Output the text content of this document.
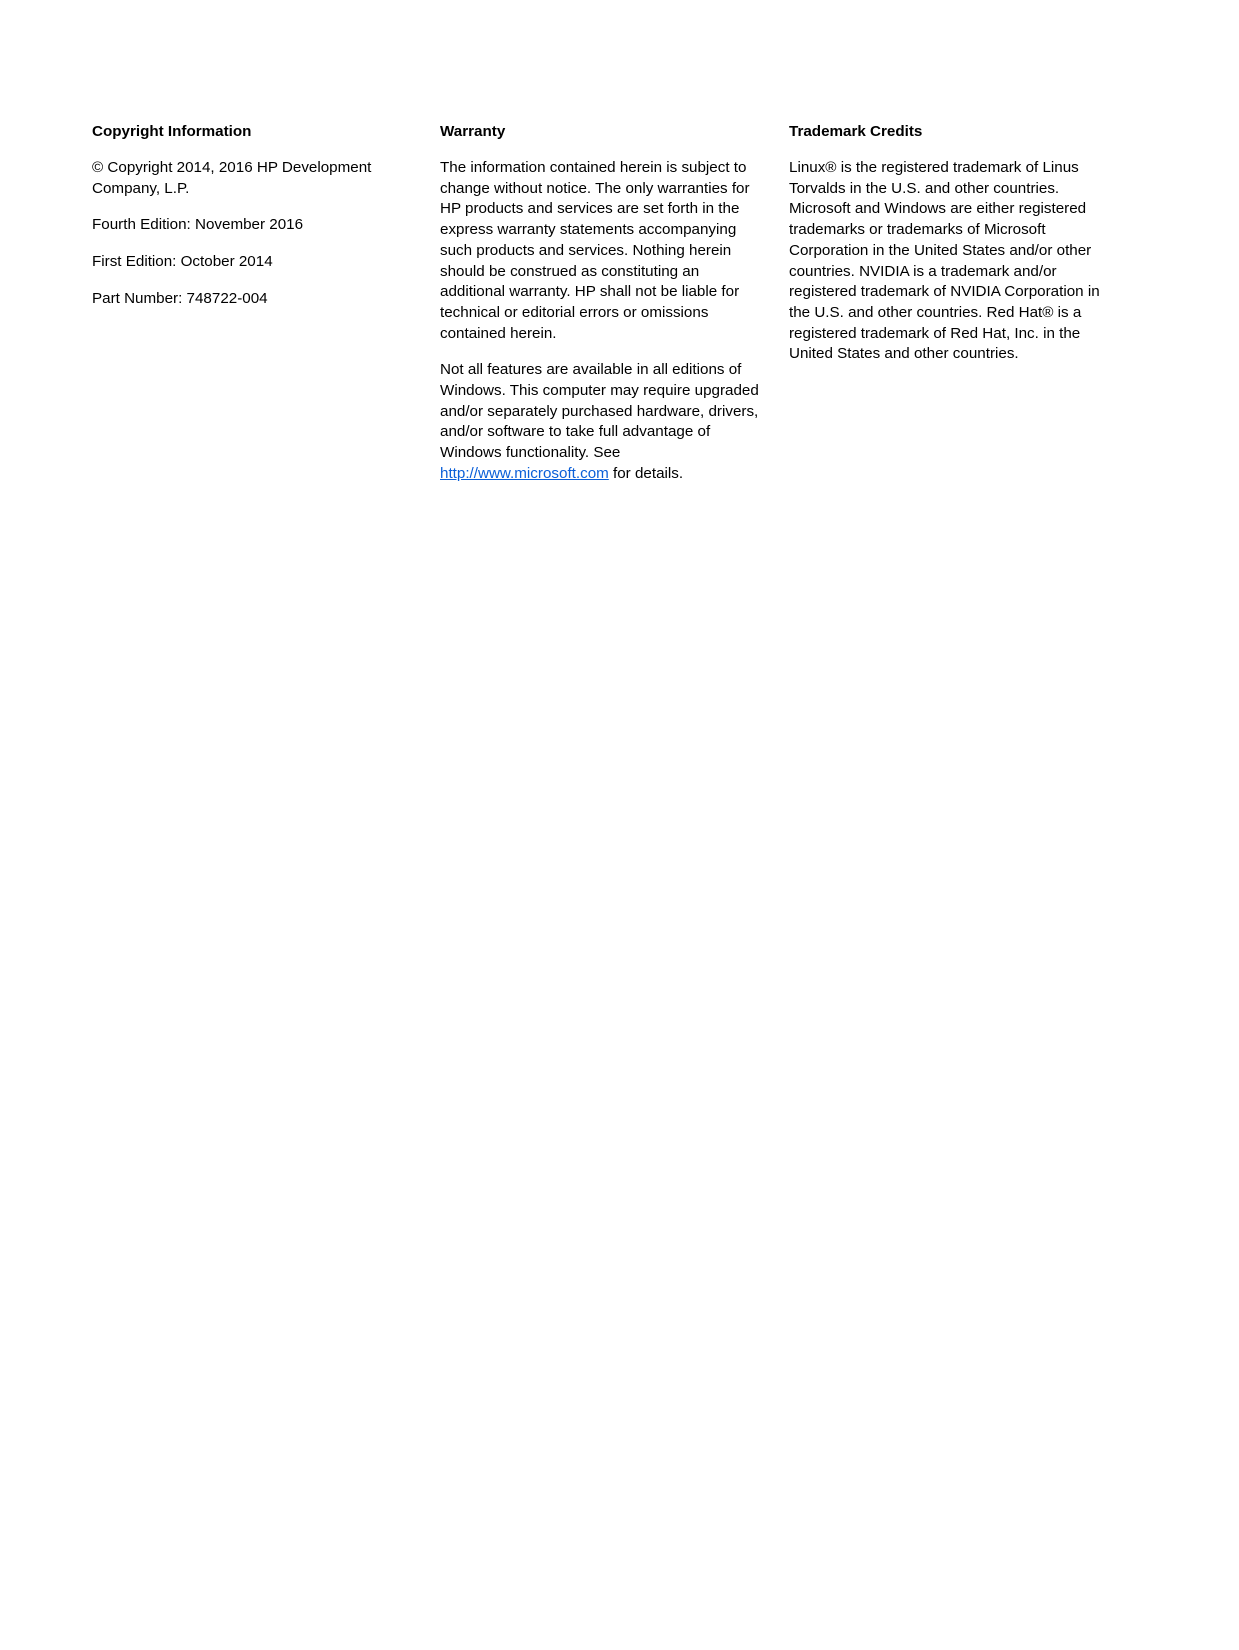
Copyright Information
© Copyright 2014, 2016 HP Development Company, L.P.
Fourth Edition: November 2016
First Edition: October 2014
Part Number: 748722-004
Warranty
The information contained herein is subject to change without notice. The only warranties for HP products and services are set forth in the express warranty statements accompanying such products and services. Nothing herein should be construed as constituting an additional warranty. HP shall not be liable for technical or editorial errors or omissions contained herein.
Not all features are available in all editions of Windows. This computer may require upgraded and/or separately purchased hardware, drivers, and/or software to take full advantage of Windows functionality. See http://www.microsoft.com for details.
Trademark Credits
Linux® is the registered trademark of Linus Torvalds in the U.S. and other countries. Microsoft and Windows are either registered trademarks or trademarks of Microsoft Corporation in the United States and/or other countries. NVIDIA is a trademark and/or registered trademark of NVIDIA Corporation in the U.S. and other countries. Red Hat® is a registered trademark of Red Hat, Inc. in the United States and other countries.
